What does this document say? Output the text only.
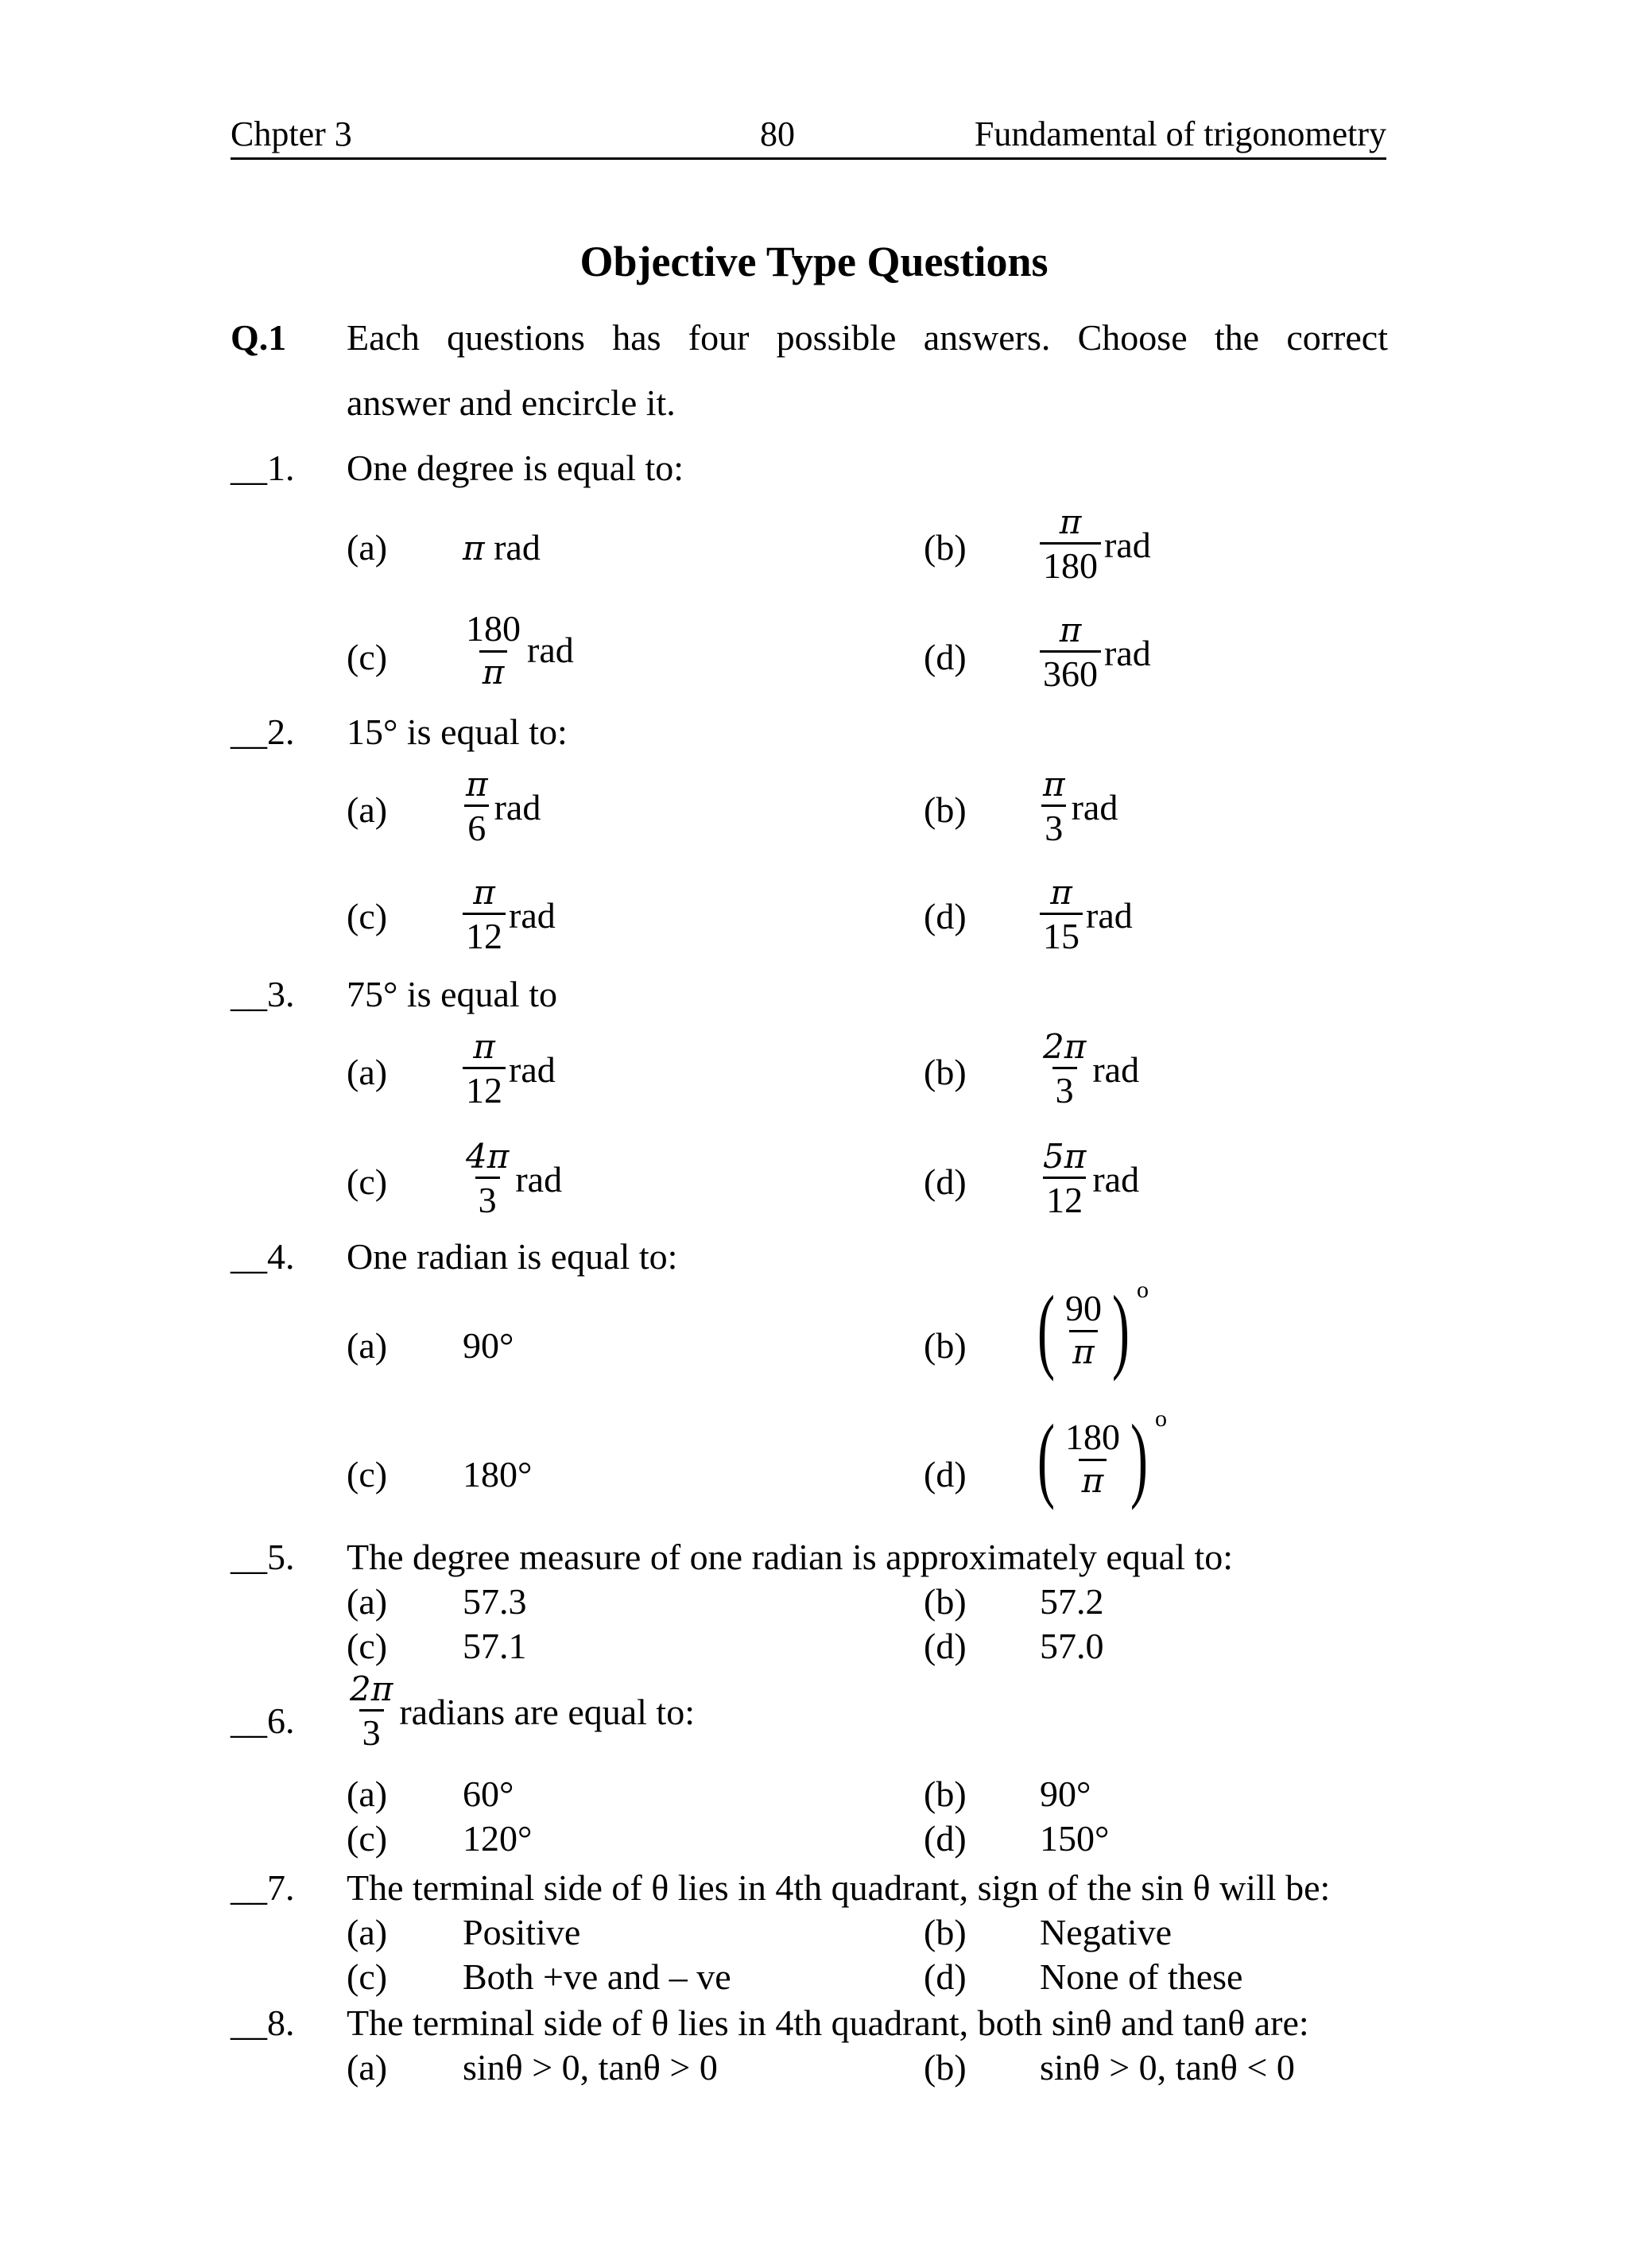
Chpter 3	80	Fundamental of trigonometry
Objective Type Questions
Q.1 Each questions has four possible answers. Choose the correct
answer and encircle it.
__1. One degree is equal to:
(a) π rad	$(b) \frac{\pi}{180}$ rad
$(c) \frac{180}{\pi}$ rad	$(d) \frac{\pi}{360}$ rad
__2. 15° is equal to:
$(a) \frac{\pi}{6}$ rad	$(b) \frac{\pi}{3}$ rad
$(c) \frac{\pi}{12}$ rad	$(d) \frac{\pi}{15}$ rad
__3. 75° is equal to
$(a) \frac{\pi}{12}$ rad	$(b) \frac{2\pi}{3}$ rad
$(c) \frac{4\pi}{3}$ rad	$(d) \frac{5\pi}{12}$ rad
__4. One radian is equal to:
(a) 90°	(b) ( $\frac{90}{\pi}$ ) o
(c) 180°	(d) ( $\frac{180}{\pi}$ ) o
__5. The degree measure of one radian is approximately equal to:
(a) 57.3	(b) 57.2
(c) 57.1	(d) 57.0
__6. $\frac{2\pi}{3}$ radians are equal to:
(a) 60°	(b) 90°
(c) 120°	(d) 150°
__7. The terminal side of θ lies in 4th quadrant, sign of the sin θ will be:
(a) Positive	(b) Negative
(c) Both +ve and – ve	(d) None of these
__8. The terminal side of θ lies in 4th quadrant, both sinθ and tanθ are:
(a) sinθ > 0, tanθ > 0	(b) sinθ > 0, tanθ < 0
